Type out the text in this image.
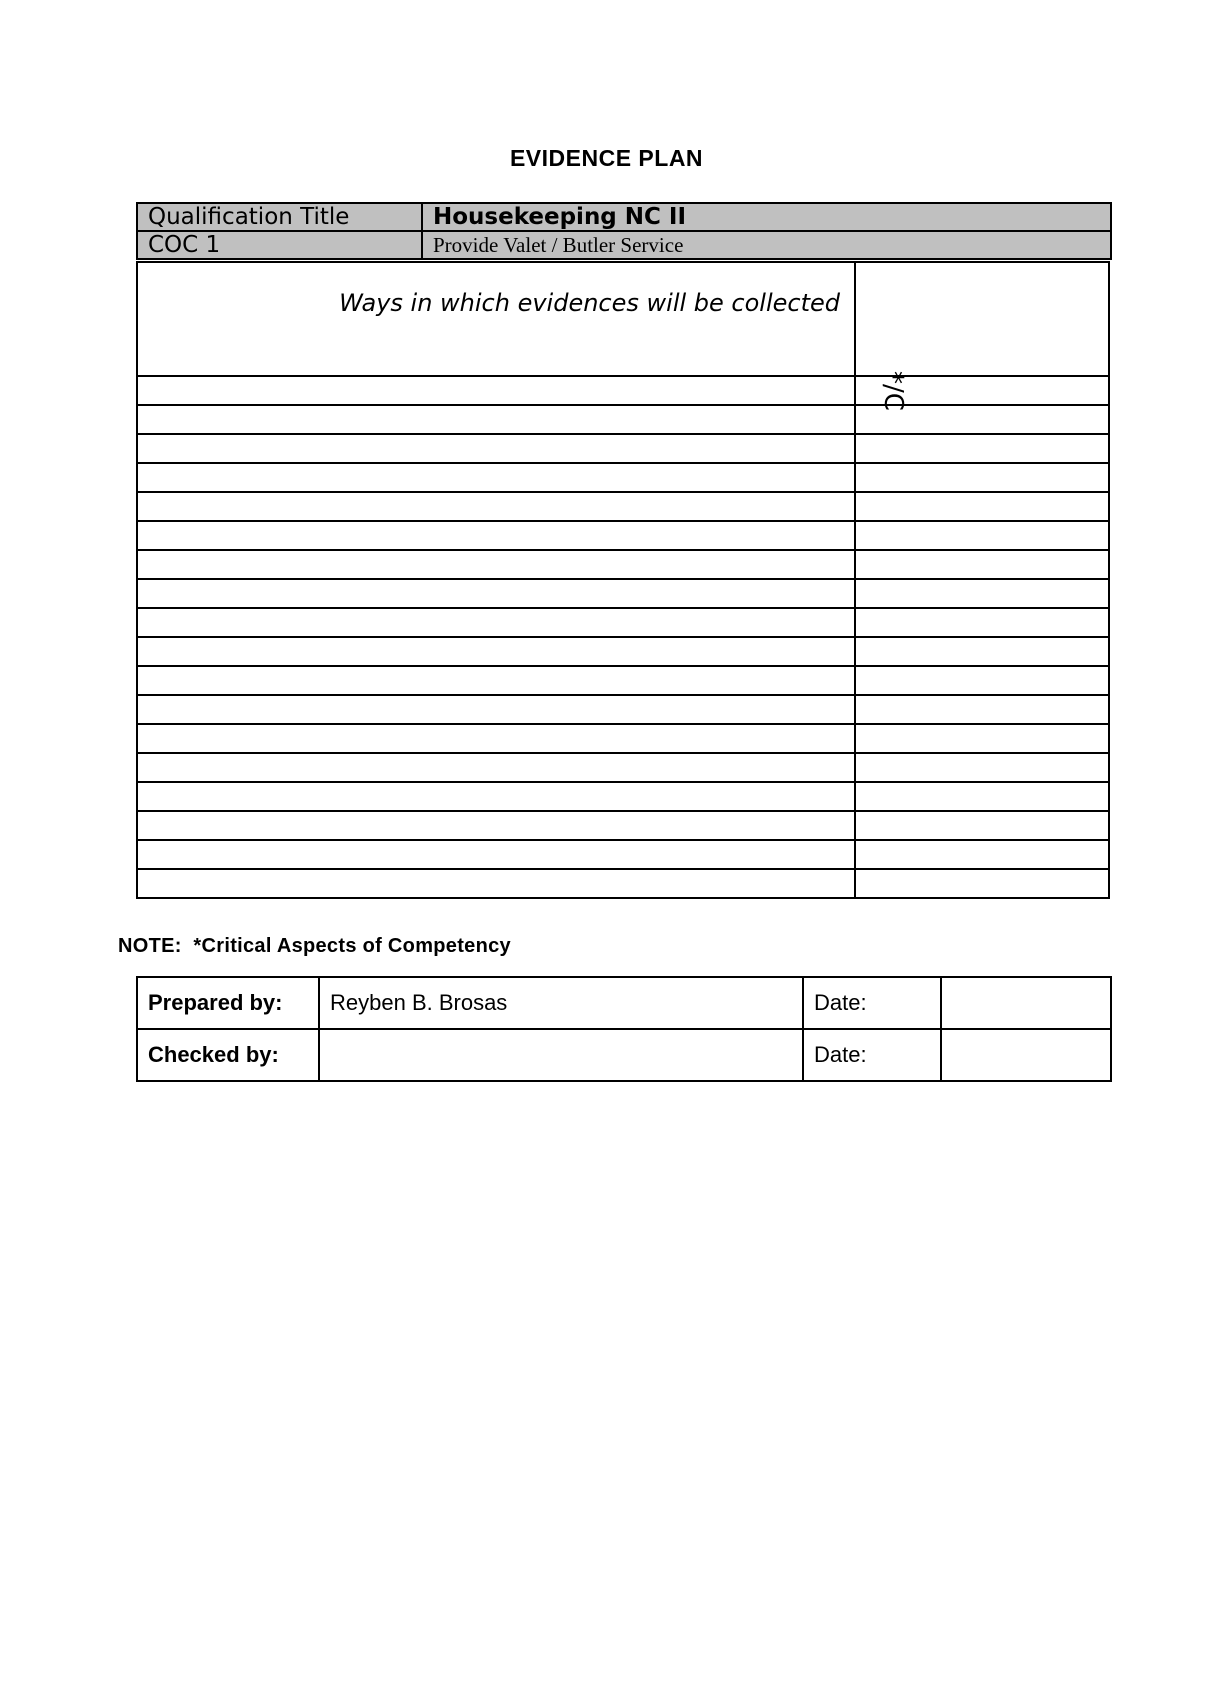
EVIDENCE PLAN
Qualification Title	Housekeeping NC II
COC 1	Provide Valet / Butler Service
Ways in which evidences will be collected	*/C

NOTE:  *Critical Aspects of Competency
Prepared by:	Reyben B. Brosas	Date:	
Checked by:		Date:	
